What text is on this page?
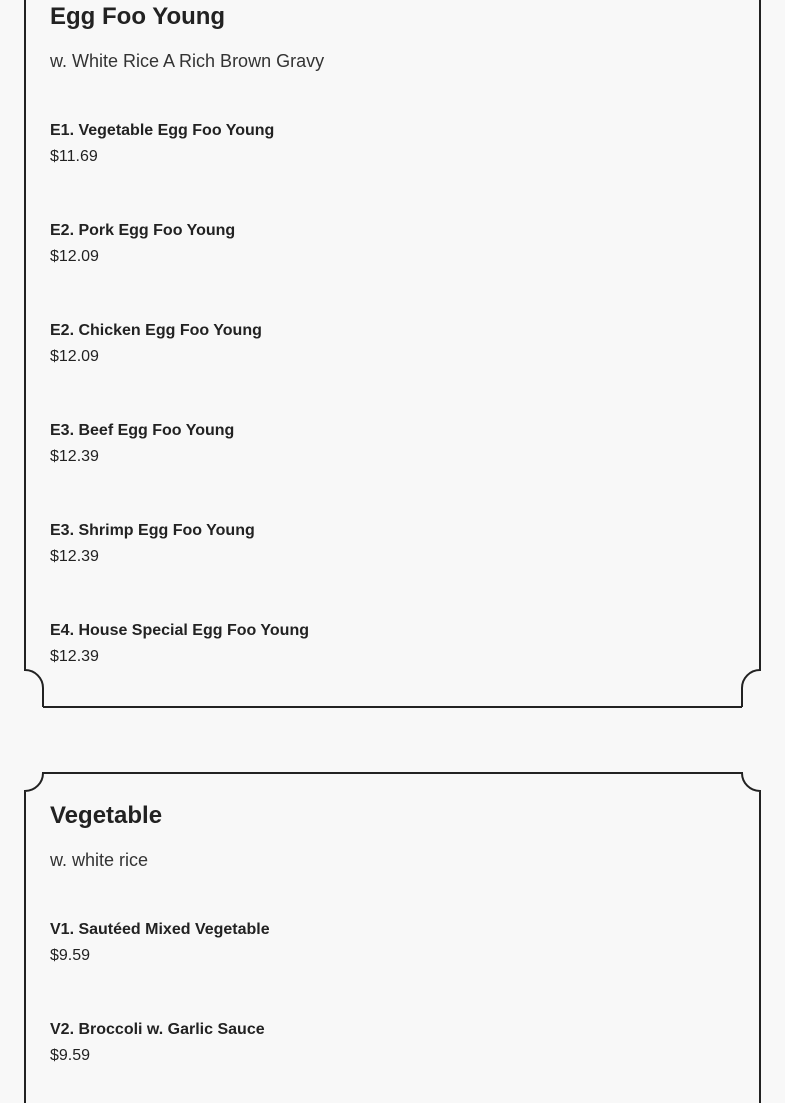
Egg Foo Young

w. White Rice A Rich Brown Gravy

E1. Vegetable Egg Foo Young
$11.69
E2. Pork Egg Foo Young
$12.09
E2. Chicken Egg Foo Young
$12.09
E3. Beef Egg Foo Young
$12.39
E3. Shrimp Egg Foo Young
$12.39
E4. House Special Egg Foo Young
$12.39
Vegetable

w. white rice

V1. Sautéed Mixed Vegetable
$9.59
V2. Broccoli w. Garlic Sauce
$9.59
